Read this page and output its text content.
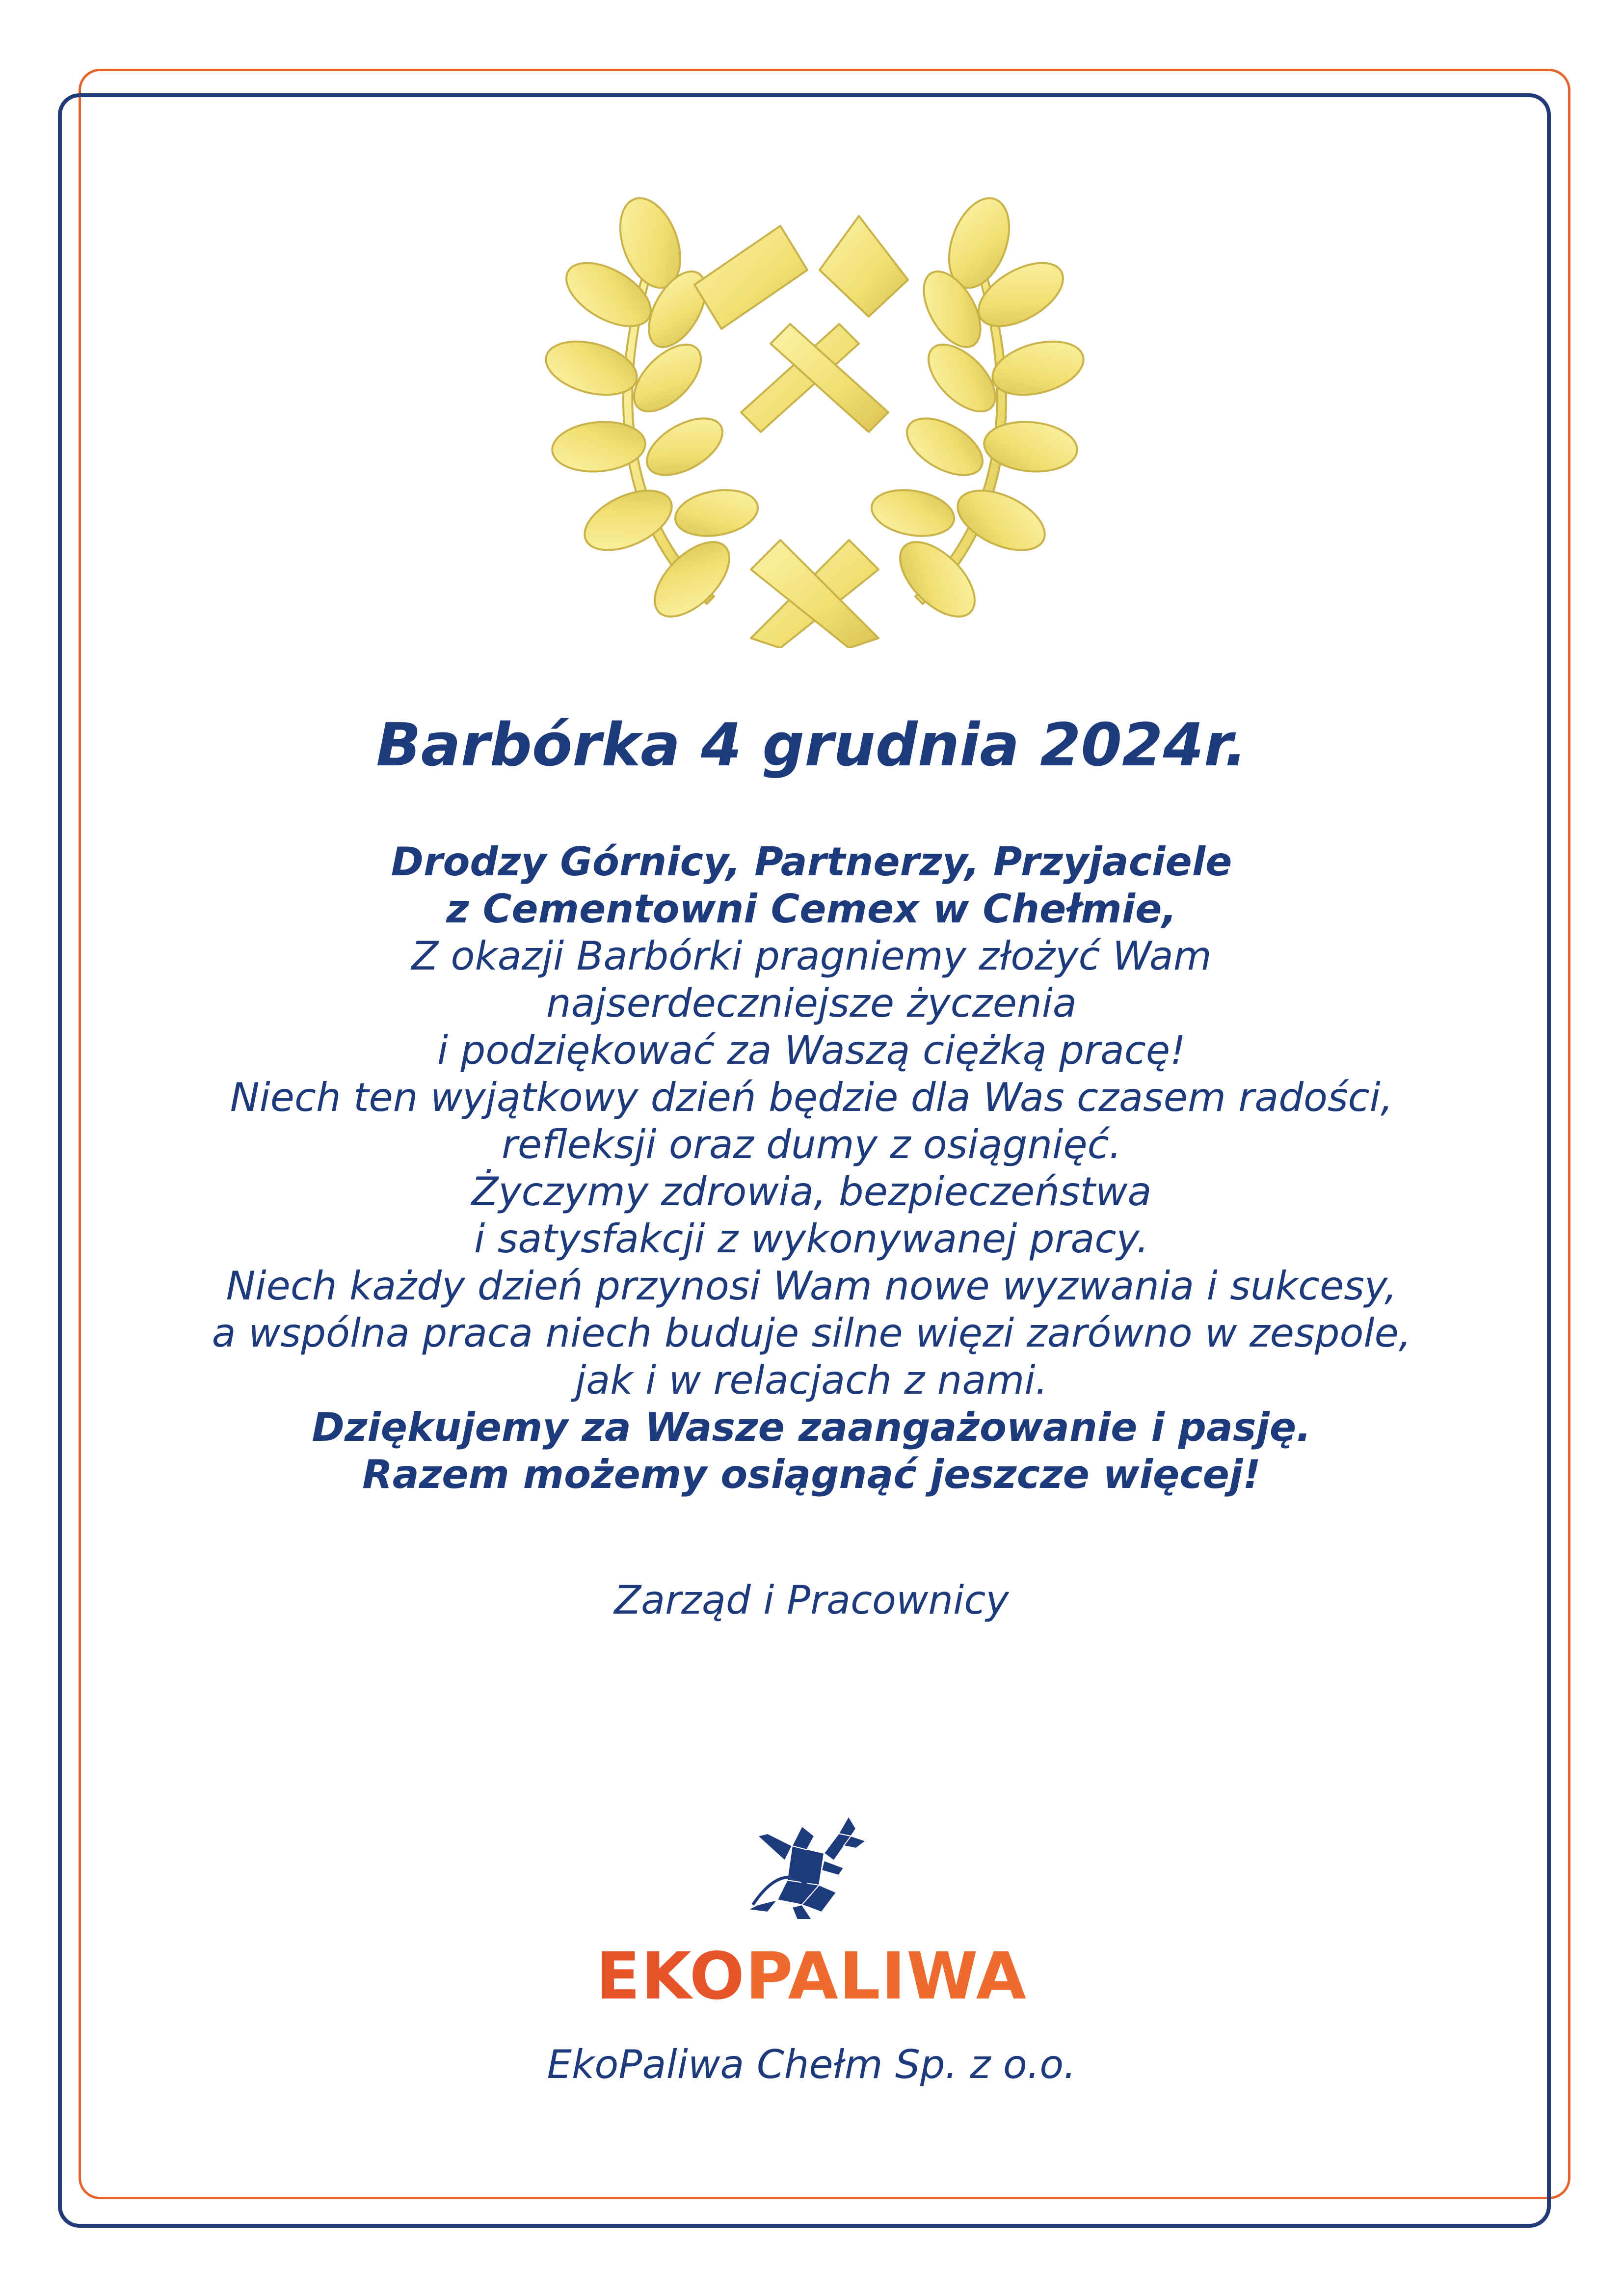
Barbórka 4 grudnia 2024r.

Drodzy Górnicy, Partnerzy, Przyjaciele

z Cementowni Cemex w Chełmie,

Z okazji Barbórki pragniemy złożyć Wam

najserdeczniejsze życzenia

i podziękować za Waszą ciężką pracę!

Niech ten wyjątkowy dzień będzie dla Was czasem radości,

refleksji oraz dumy z osiągnięć.

Życzymy zdrowia, bezpieczeństwa

i satysfakcji z wykonywanej pracy.

Niech każdy dzień przynosi Wam nowe wyzwania i sukcesy,

a wspólna praca niech buduje silne więzi zarówno w zespole,

jak i w relacjach z nami.

Dziękujemy za Wasze zaangażowanie i pasję.

Razem możemy osiągnąć jeszcze więcej!

Zarząd i Pracownicy
EKOPALIWA
EkoPaliwa Chełm Sp. z o.o.
